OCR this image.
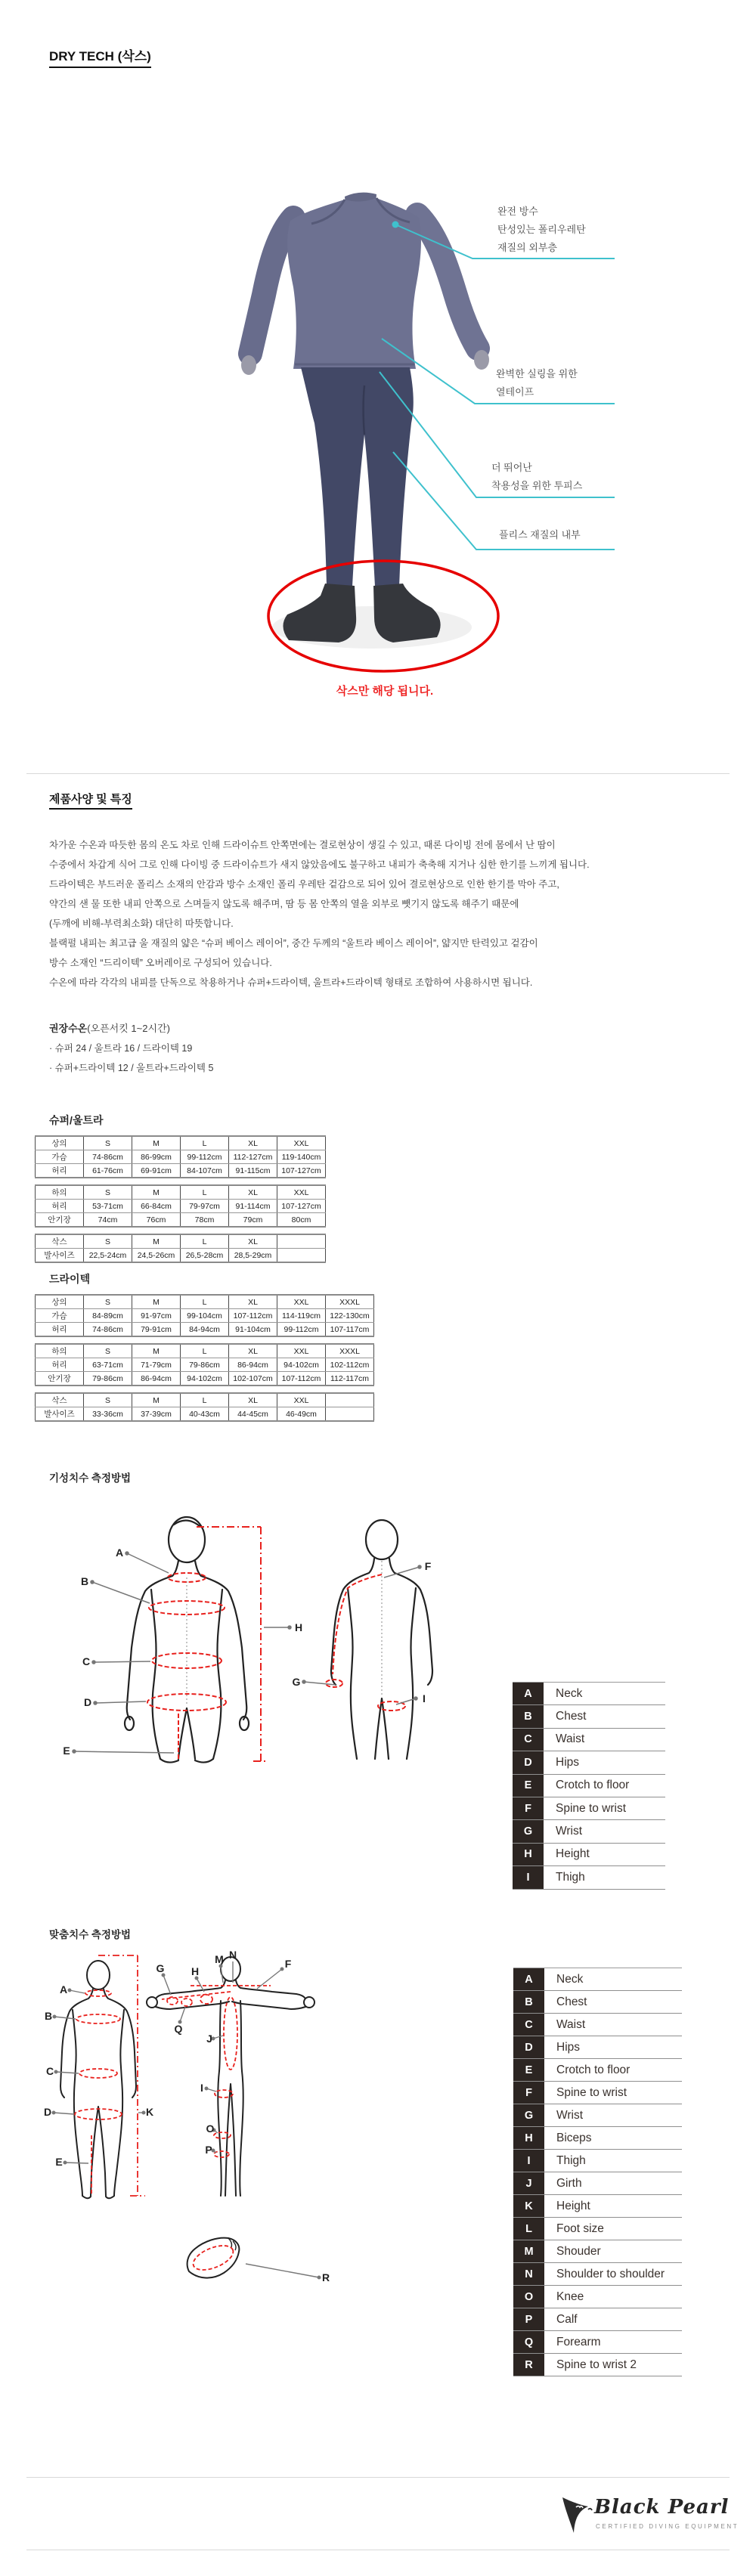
DRY TECH (삭스)
완전 방수
탄성있는 폴리우레탄
재질의 외부층
완벽한 실링을 위한
열테이프
더 뛰어난
착용성을 위한 투피스
플리스 재질의 내부
삭스만 해당 됩니다.
제품사양 및 특징
차가운 수온과 따듯한 몸의 온도 차로 인해 드라이슈트 안쪽면에는 결로현상이 생길 수 있고, 때론 다이빙 전에 몸에서 난 땀이
수중에서 차갑게 식어 그로 인해 다이빙 중 드라이슈트가 새지 않았음에도 불구하고 내피가 축축해 지거나 심한 한기를 느끼게 됩니다.
드라이텍은 부드러운 폴리스 소재의 안감과 방수 소재인 폴리 우레탄 겉감으로 되어 있어 결로현상으로 인한 한기를 막아 주고,
약간의 샌 물 또한 내피 안쪽으로 스며들지 않도록 해주며, 땀 등 몸 안쪽의 열을 외부로 뺏기지 않도록 해주기 때문에
(두깨에 비해-부력최소화) 대단히 따뜻합니다.
블랙펄 내피는 최고급 울 재질의 얇은 “슈퍼 베이스 레이어”, 중간 두께의 “울트라 베이스 레이어”, 얇지만 탄력있고 겉감이
방수 소재인 “드리이텍” 오버레이로 구성되어 있습니다.
수온에 따라 각각의 내피를 단독으로 착용하거나 슈퍼+드라이텍, 울트라+드라이텍 형태로 조합하여 사용하시면 됩니다.
권장수온(오픈서킷 1~2시간)
· 슈퍼 24 / 울트라 16 / 드라이텍 19
· 슈퍼+드라이텍 12 / 울트라+드라이텍 5
슈퍼/울트라
상의	S	M	L	XL	XXL
가슴	74-86cm	86-99cm	99-112cm	112-127cm	119-140cm
허리	61-76cm	69-91cm	84-107cm	91-115cm	107-127cm
하의	S	M	L	XL	XXL
허리	53-71cm	66-84cm	79-97cm	91-114cm	107-127cm
안기장	74cm	76cm	78cm	79cm	80cm
삭스	S	M	L	XL	
발사이즈	22,5-24cm	24,5-26cm	26,5-28cm	28,5-29cm	
드라이텍
상의	S	M	L	XL	XXL	XXXL
가슴	84-89cm	91-97cm	99-104cm	107-112cm	114-119cm	122-130cm
허리	74-86cm	79-91cm	84-94cm	91-104cm	99-112cm	107-117cm
하의	S	M	L	XL	XXL	XXXL
허리	63-71cm	71-79cm	79-86cm	86-94cm	94-102cm	102-112cm
안기장	79-86cm	86-94cm	94-102cm	102-107cm	107-112cm	112-117cm
삭스	S	M	L	XL	XXL	
발사이즈	33-36cm	37-39cm	40-43cm	44-45cm	46-49cm	
기성치수 측정방법
A
B
C
D
E
F
G
H
I	A	Neck
B	Chest
C	Waist
D	Hips
E	Crotch to floor
F	Spine to wrist
G	Wrist
H	Height
I	Thigh
맞춤치수 측정방법
A
B
C
D
E
K
N
F
M
G	H
Q
J
I
O
P
R
A	Neck
B	Chest
C	Waist
D	Hips
E	Crotch to floor
F	Spine to wrist
G	Wrist
H	Biceps
I	Thigh
J	Girth
K	Height
L	Foot size
M	Shouder
N	Shoulder to shoulder
O	Knee
P	Calf
Q	Forearm
R	Spine to wrist 2
Black Pearl
CERTIFIED DIVING EQUIPMENT
